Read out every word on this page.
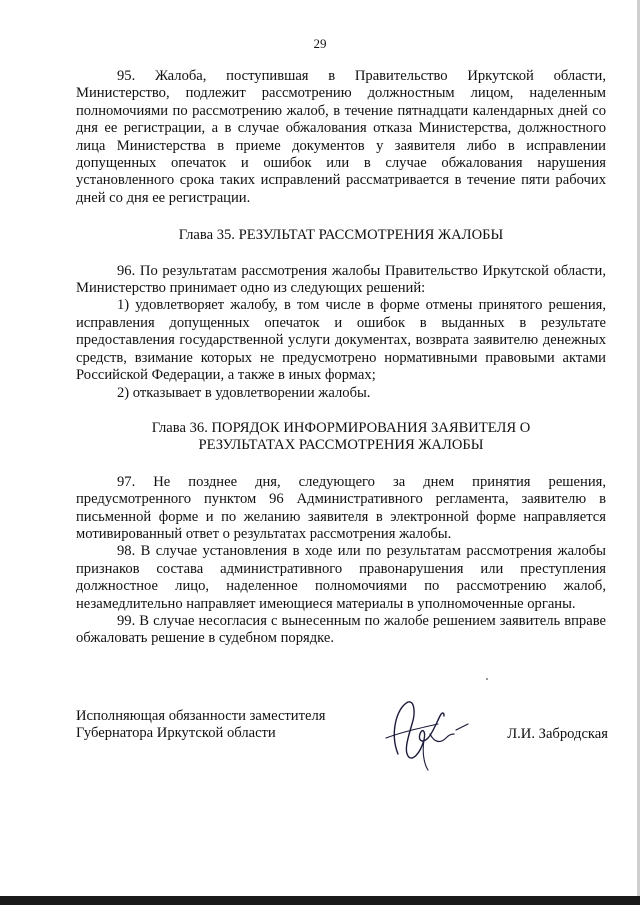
29

95. Жалоба, поступившая в Правительство Иркутской области, Министерство, подлежит рассмотрению должностным лицом, наделенным полномочиями по рассмотрению жалоб, в течение пятнадцати календарных дней со дня ее регистрации, а в случае обжалования отказа Министерства, должностного лица Министерства в приеме документов у заявителя либо в исправлении допущенных опечаток и ошибок или в случае обжалования нарушения установленного срока таких исправлений рассматривается в течение пяти рабочих дней со дня ее регистрации.

Глава 35. РЕЗУЛЬТАТ РАССМОТРЕНИЯ ЖАЛОБЫ

96. По результатам рассмотрения жалобы Правительство Иркутской области, Министерство принимает одно из следующих решений:

1) удовлетворяет жалобу, в том числе в форме отмены принятого решения, исправления допущенных опечаток и ошибок в выданных в результате предоставления государственной услуги документах, возврата заявителю денежных средств, взимание которых не предусмотрено нормативными правовыми актами Российской Федерации, а также в иных формах;

2) отказывает в удовлетворении жалобы.

Глава 36. ПОРЯДОК ИНФОРМИРОВАНИЯ ЗАЯВИТЕЛЯ О
РЕЗУЛЬТАТАХ РАССМОТРЕНИЯ ЖАЛОБЫ

97. Не позднее дня, следующего за днем принятия решения, предусмотренного пунктом 96 Административного регламента, заявителю в письменной форме и по желанию заявителя в электронной форме направляется мотивированный ответ о результатах рассмотрения жалобы.

98. В случае установления в ходе или по результатам рассмотрения жалобы признаков состава административного правонарушения или преступления должностное лицо, наделенное полномочиями по рассмотрению жалоб, незамедлительно направляет имеющиеся материалы в уполномоченные органы.

99. В случае несогласия с вынесенным по жалобе решением заявитель вправе обжаловать решение в судебном порядке.

Исполняющая обязанности заместителя
Губернатора Иркутской области	Л.И. Забродская
